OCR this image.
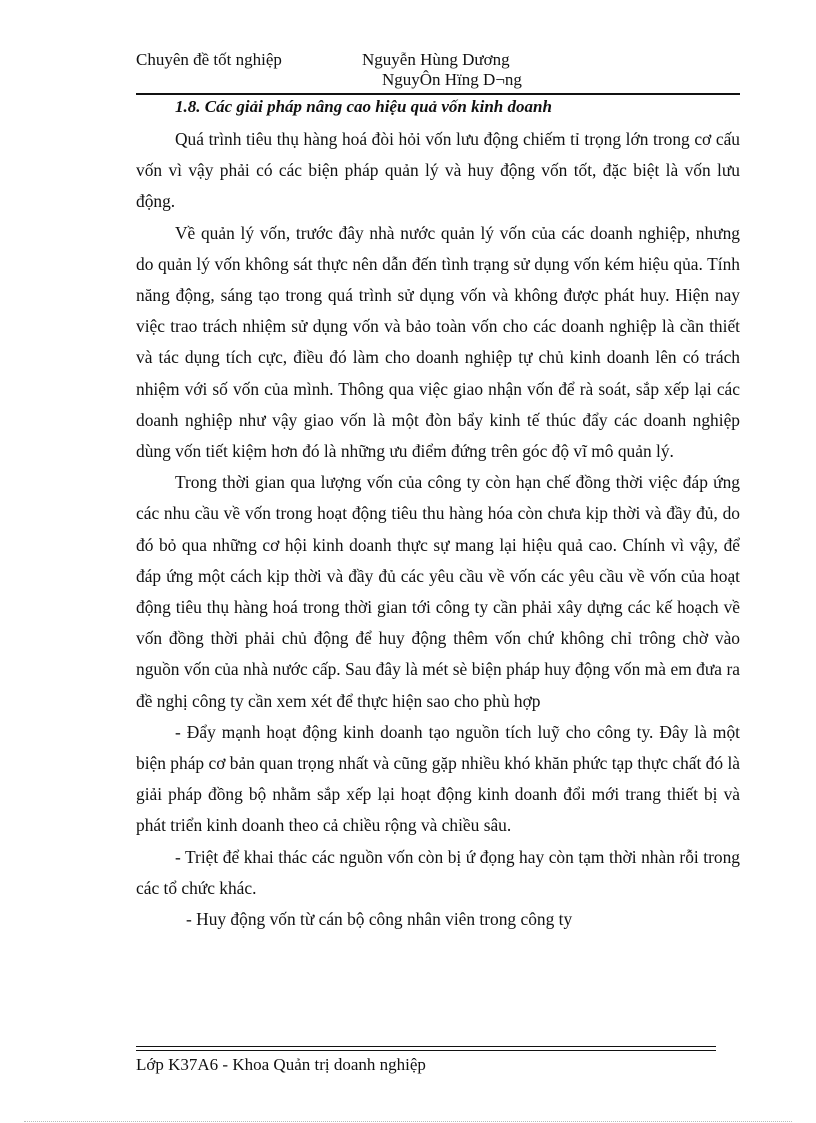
Chuyên đề tốt nghiệp	Nguyễn Hùng Dương
NguyÔn Hïng D¬ng
1.8. Các giải pháp nâng cao hiệu quả vốn kinh doanh

Quá trình tiêu thụ hàng hoá đòi hỏi vốn lưu động chiếm tỉ trọng lớn trong cơ cấu vốn vì vậy phải có các biện pháp quản lý và huy động vốn tốt, đặc biệt là vốn lưu động.

Về quản lý vốn, trước đây nhà nước quản lý vốn của các doanh nghiệp, nhưng do quản lý vốn không sát thực nên dẫn đến tình trạng sử dụng vốn kém hiệu qủa. Tính năng động, sáng tạo trong quá trình sử dụng vốn và không được phát huy. Hiện nay việc trao trách nhiệm sử dụng vốn và bảo toàn vốn cho các doanh nghiệp là cần thiết và tác dụng tích cực, điều đó làm cho doanh nghiệp tự chủ kinh doanh lên có trách nhiệm với số vốn của mình. Thông qua việc giao nhận vốn để rà soát, sắp xếp lại các doanh nghiệp như vậy giao vốn là một đòn bẩy kinh tế thúc đẩy các doanh nghiệp dùng vốn tiết kiệm hơn đó là những ưu điểm đứng trên góc độ vĩ mô quản lý.

Trong thời gian qua lượng vốn của công ty còn hạn chế đồng thời việc đáp ứng các nhu cầu về vốn trong hoạt động tiêu thu hàng hóa còn chưa kịp thời và đầy đủ, do đó bỏ qua những cơ hội kinh doanh thực sự mang lại hiệu quả cao. Chính vì vậy, để đáp ứng một cách kịp thời và đầy đủ các yêu cầu về vốn các yêu cầu về vốn của hoạt động tiêu thụ hàng hoá trong thời gian tới công ty cần phải xây dựng các kế hoạch về vốn đồng thời phải chủ động để huy động thêm vốn chứ không chỉ trông chờ vào nguồn vốn của nhà nước cấp. Sau đây là mét sè biện pháp huy động vốn mà em đưa ra đề nghị công ty cần xem xét để thực hiện sao cho phù hợp

- Đẩy mạnh hoạt động kinh doanh tạo nguồn tích luỹ cho công ty. Đây là một biện pháp cơ bản quan trọng nhất và cũng gặp nhiều khó khăn phức tạp thực chất đó là giải pháp đồng bộ nhằm sắp xếp lại hoạt động kinh doanh đổi mới trang thiết bị và phát triển kinh doanh theo cả chiều rộng và chiều sâu.

- Triệt để khai thác các nguồn vốn còn bị ứ đọng hay còn tạm thời nhàn rỗi trong các tổ chức khác.

- Huy động vốn từ cán bộ công nhân viên trong công ty

Lớp K37A6 - Khoa Quản trị doanh nghiệp
